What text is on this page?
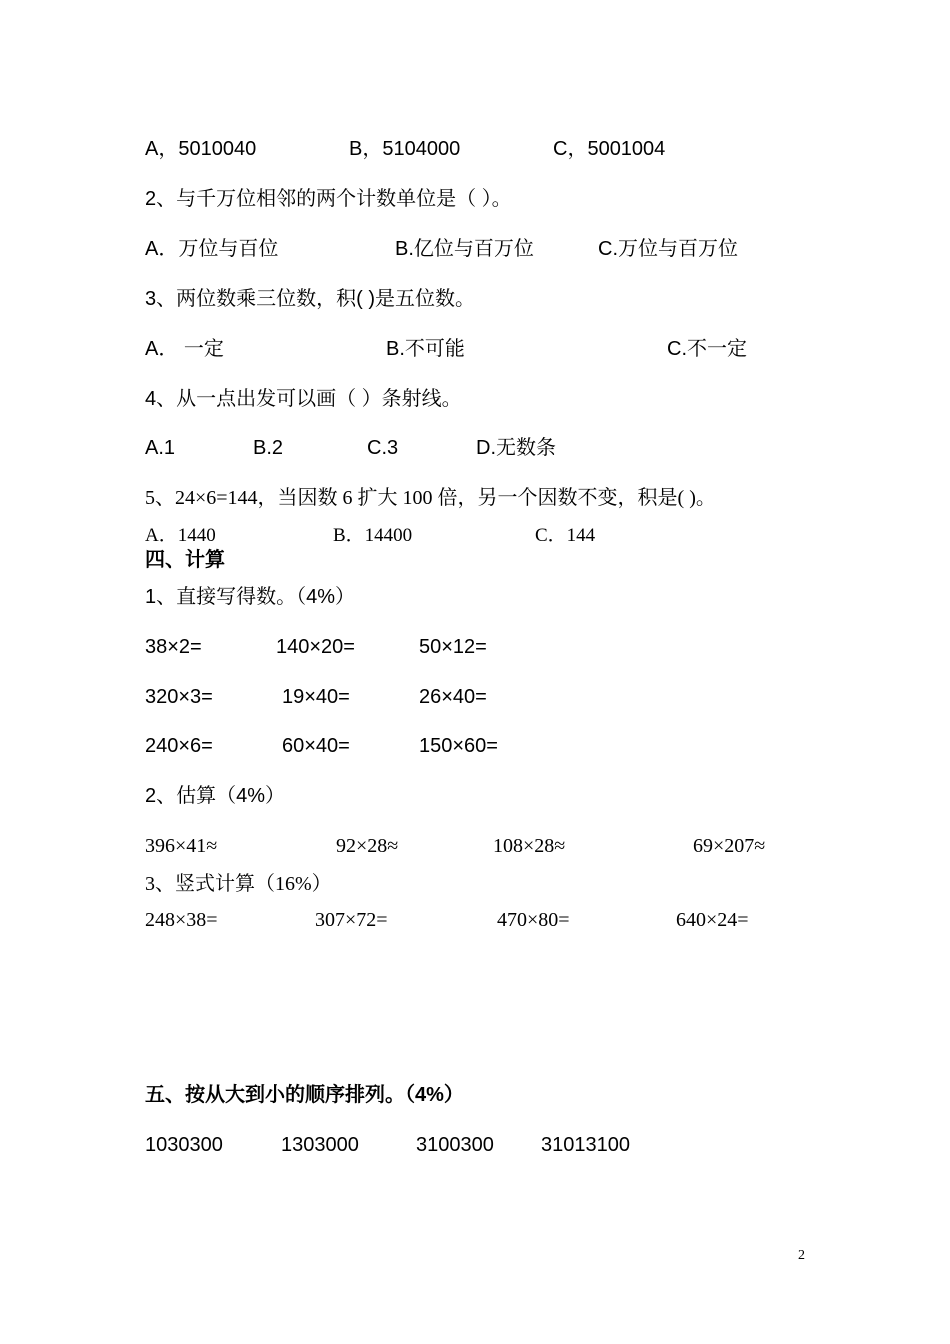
A，5010040	B，5104000	C，5001004
2、与千万位相邻的两个计数单位是（ ）。
A．万位与百位	B.亿位与百万位	C.万位与百万位
3、两位数乘三位数，积( )是五位数。
A． 一定	B.不可能	C.不一定
4、从一点出发可以画（ ）条射线。
A.1	B.2	C.3	D.无数条
5、24×6=144，当因数 6 扩大 100 倍，另一个因数不变，积是( )。
A．1440	B．14400	C．144
四、计算
1、直接写得数。（4%）
38×2=	140×20=	50×12=
320×3=	19×40=	26×40=
240×6=	60×40=	150×60=
2、估算（4%）
396×41≈	92×28≈	108×28≈	69×207≈
3、竖式计算（16%）
248×38=	307×72=	470×80=	640×24=
五、按从大到小的顺序排列。（4%）
1030300	1303000	3100300 31013100
2
